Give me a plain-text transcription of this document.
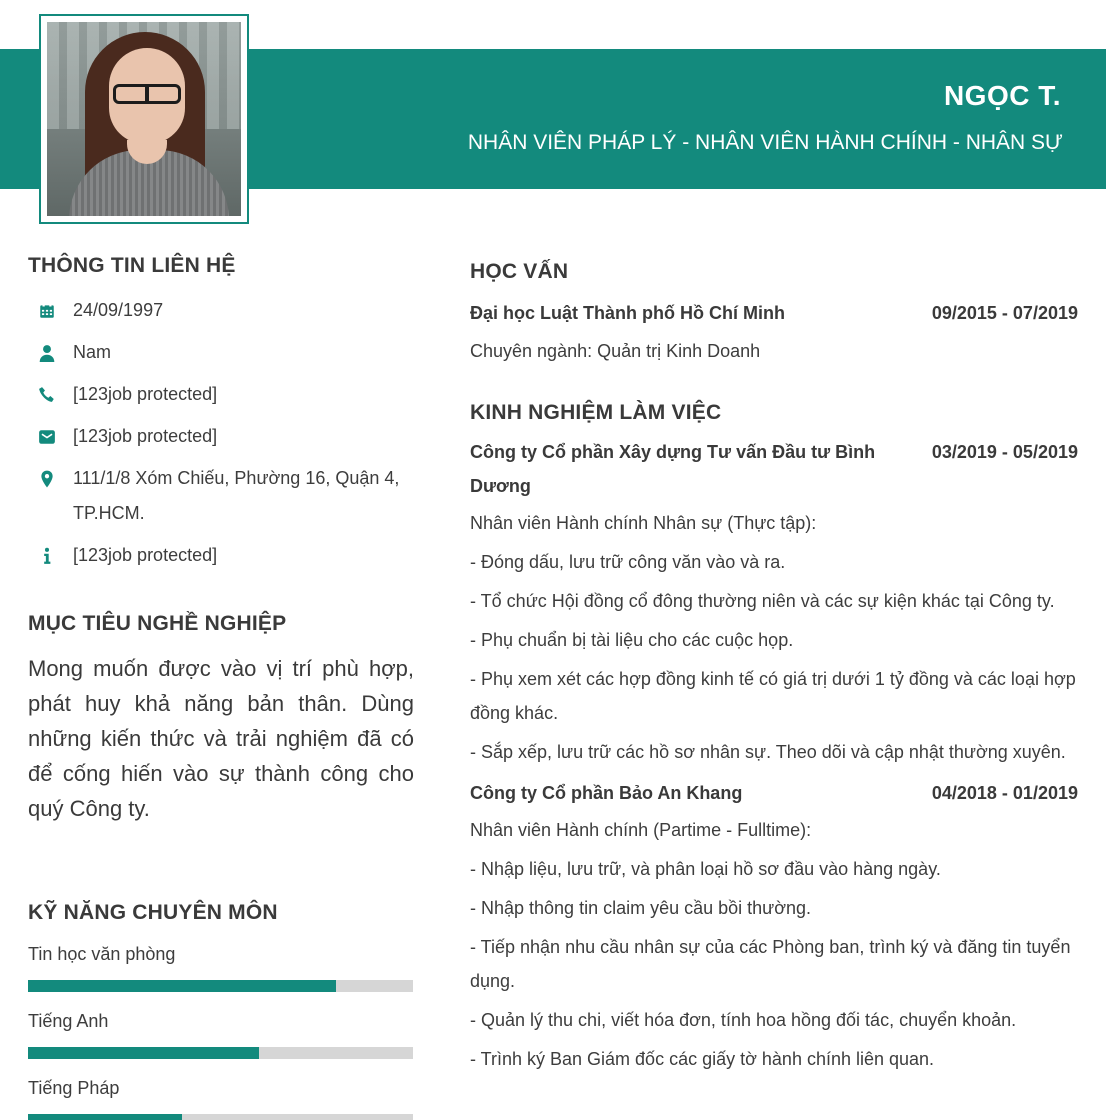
NGỌC T.
NHÂN VIÊN PHÁP LÝ - NHÂN VIÊN HÀNH CHÍNH - NHÂN SỰ
THÔNG TIN LIÊN HỆ
24/09/1997
Nam
[123job protected]
[123job protected]
111/1/8 Xóm Chiếu, Phường 16, Quận 4, TP.HCM.
[123job protected]
MỤC TIÊU NGHỀ NGHIỆP

Mong muốn được vào vị trí phù hợp, phát huy khả năng bản thân. Dùng những kiến thức và trải nghiệm đã có để cống hiến vào sự thành công cho quý Công ty.

KỸ NĂNG CHUYÊN MÔN
Tin học văn phòng
Tiếng Anh
Tiếng Pháp
HỌC VẤN
Đại học Luật Thành phố Hồ Chí Minh	09/2015 - 07/2019
Chuyên ngành: Quản trị Kinh Doanh
KINH NGHIỆM LÀM VIỆC
Công ty Cổ phần Xây dựng Tư vấn Đầu tư Bình Dương
03/2019 - 05/2019
Nhân viên Hành chính Nhân sự (Thực tập):
- Đóng dấu, lưu trữ công văn vào và ra.
- Tổ chức Hội đồng cổ đông thường niên và các sự kiện khác tại Công ty.
- Phụ chuẩn bị tài liệu cho các cuộc họp.
- Phụ xem xét các hợp đồng kinh tế có giá trị dưới 1 tỷ đồng và các loại hợp đồng khác.
- Sắp xếp, lưu trữ các hồ sơ nhân sự. Theo dõi và cập nhật thường xuyên.
Công ty Cổ phần Bảo An Khang	04/2018 - 01/2019
Nhân viên Hành chính (Partime - Fulltime):
- Nhập liệu, lưu trữ, và phân loại hồ sơ đầu vào hàng ngày.
- Nhập thông tin claim yêu cầu bồi thường.
- Tiếp nhận nhu cầu nhân sự của các Phòng ban, trình ký và đăng tin tuyển dụng.
- Quản lý thu chi, viết hóa đơn, tính hoa hồng đối tác, chuyển khoản.
- Trình ký Ban Giám đốc các giấy tờ hành chính liên quan.
